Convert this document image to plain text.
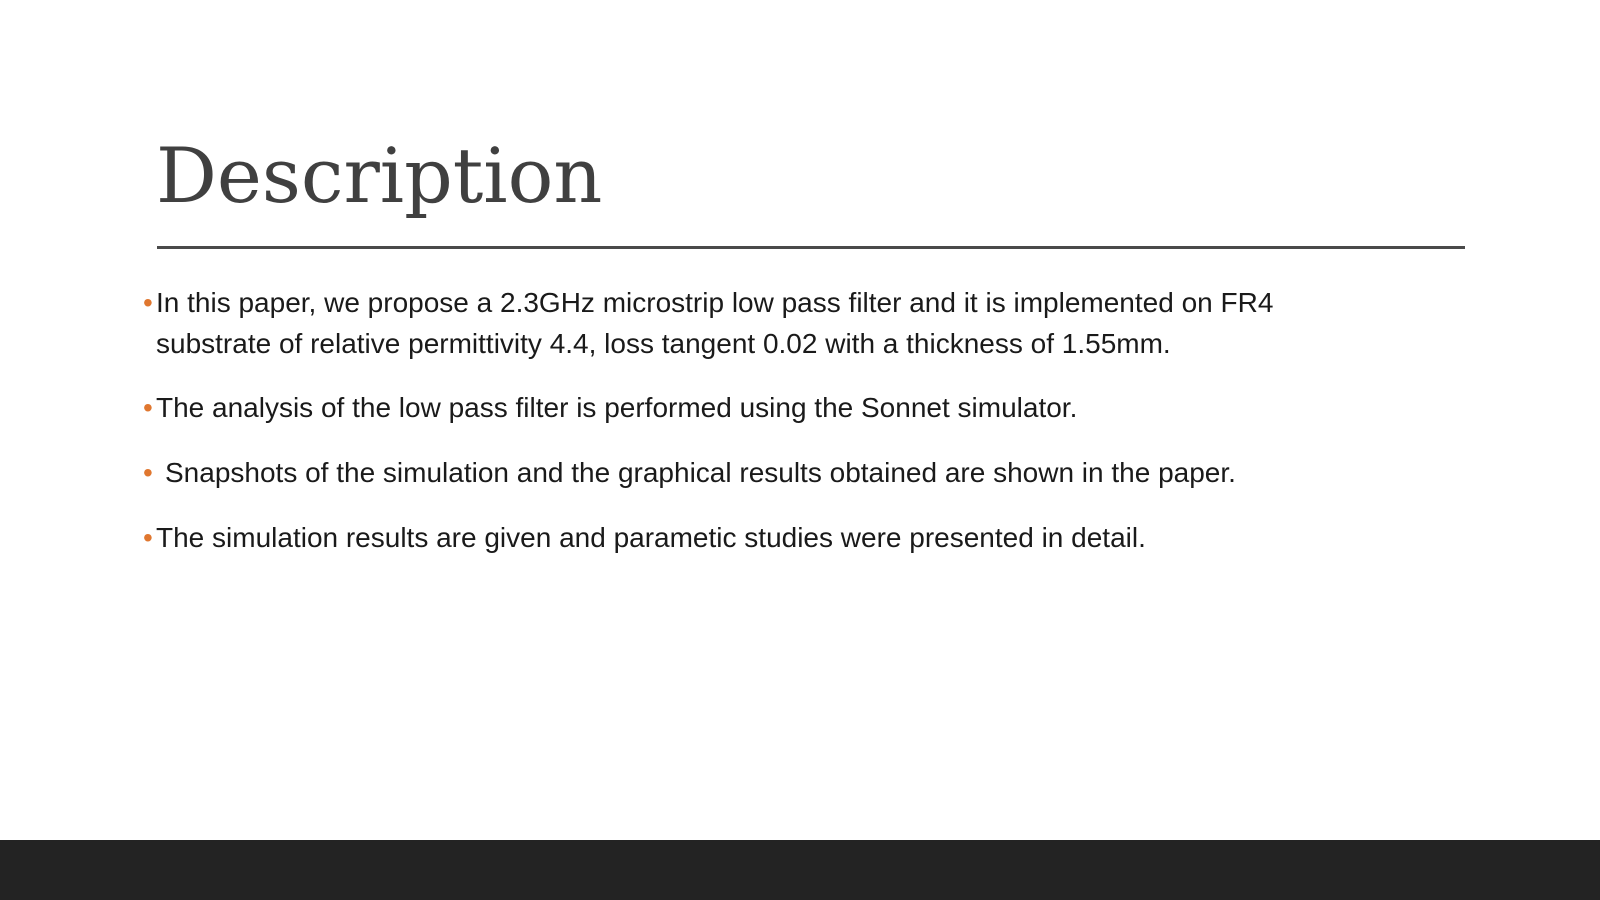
Description
• In this paper, we propose a 2.3GHz microstrip low pass filter and it is implemented on FR4
substrate of relative permittivity 4.4, loss tangent 0.02 with a thickness of 1.55mm.
• The analysis of the low pass filter is performed using the Sonnet simulator.
• Snapshots of the simulation and the graphical results obtained are shown in the paper.
• The simulation results are given and parametic studies were presented in detail.
